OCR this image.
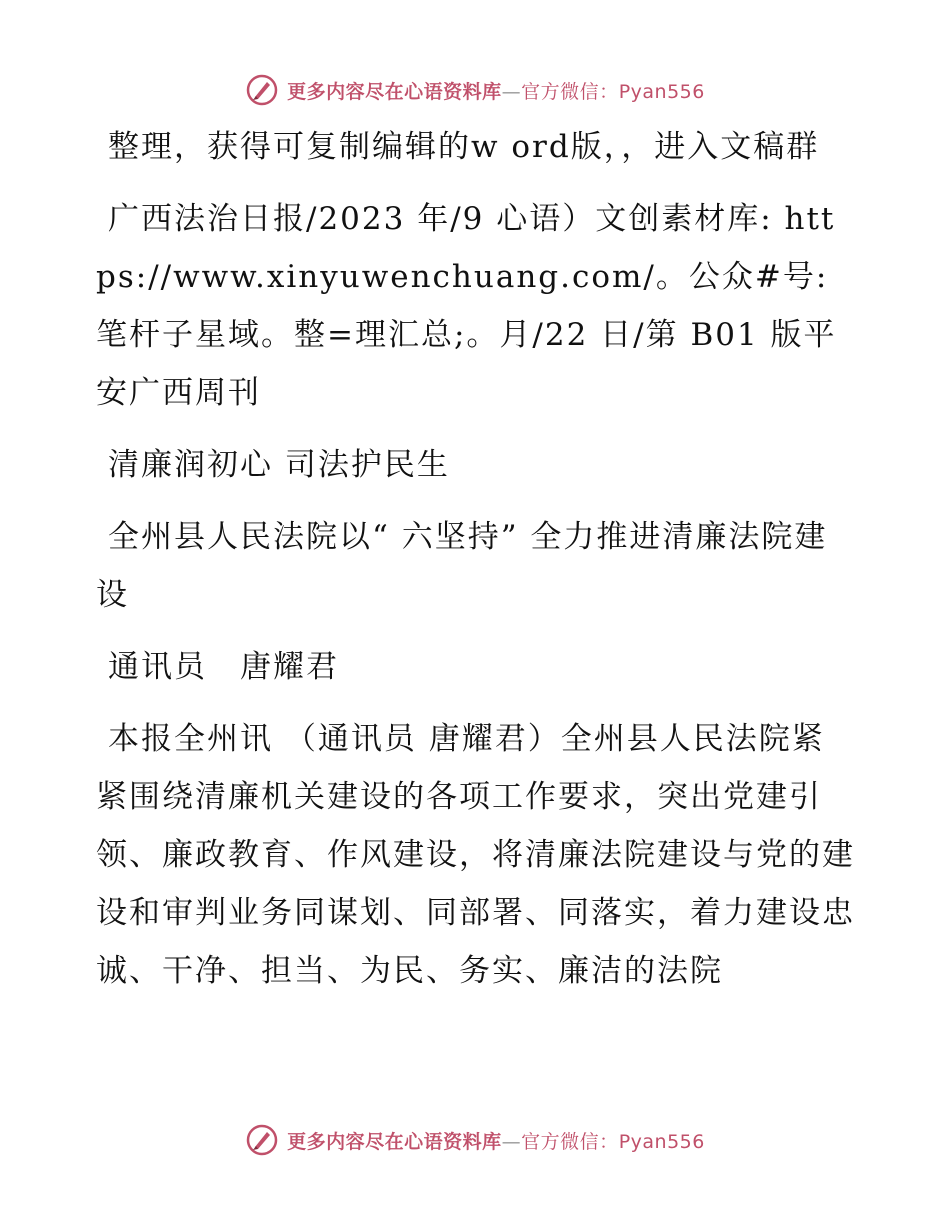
更多内容尽在心语资料库—官方微信：Pyan556

整理，获得可复制编辑的w ord版，，进入文稿群

广西法治日报/2023 年/9 心语）文创素材库: https://www.xinyuwenchuang.com/。公众#号: 笔杆子星域。整=理汇总;。月/22 日/第 B01 版平安广西周刊

清廉润初心 司法护民生

全州县人民法院以“ 六坚持” 全力推进清廉法院建设

通讯员　唐耀君

本报全州讯 （通讯员 唐耀君）全州县人民法院紧紧围绕清廉机关建设的各项工作要求，突出党建引领、廉政教育、作风建设，将清廉法院建设与党的建设和审判业务同谋划、同部署、同落实，着力建设忠诚、干净、担当、为民、务实、廉洁的法院

更多内容尽在心语资料库—官方微信：Pyan556
